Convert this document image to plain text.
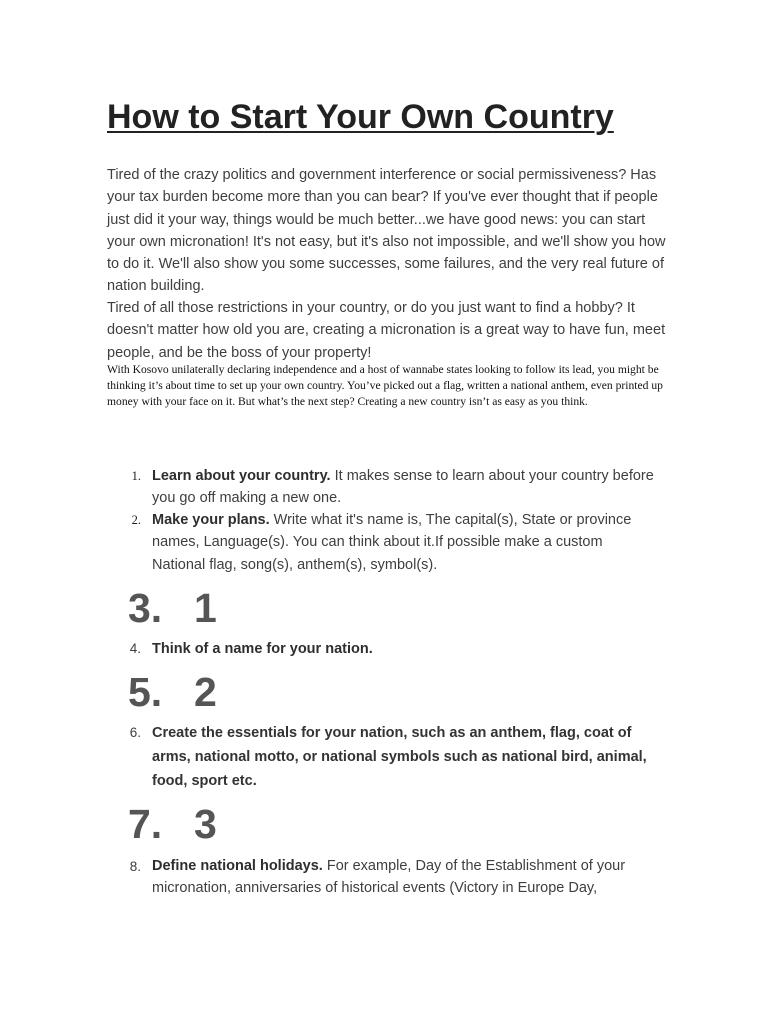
How to Start Your Own Country

Tired of the crazy politics and government interference or social permissiveness? Has your tax burden become more than you can bear? If you've ever thought that if people just did it your way, things would be much better...we have good news: you can start your own micronation! It's not easy, but it's also not impossible, and we'll show you how to do it. We'll also show you some successes, some failures, and the very real future of nation building.

Tired of all those restrictions in your country, or do you just want to find a hobby? It doesn't matter how old you are, creating a micronation is a great way to have fun, meet people, and be the boss of your property!

With Kosovo unilaterally declaring independence and a host of wannabe states looking to follow its lead, you might be thinking it’s about time to set up your own country. You’ve picked out a flag, written a national anthem, even printed up money with your face on it. But what’s the next step? Creating a new country isn’t as easy as you think.

1. Learn about your country. It makes sense to learn about your country before you go off making a new one.

2. Make your plans. Write what it's name is, The capital(s), State or province names, Language(s). You can think about it.If possible make a custom National flag, song(s), anthem(s), symbol(s).

3. 1
4. Think of a name for your nation.

5. 2
6. Create the essentials for your nation, such as an anthem, flag, coat of arms, national motto, or national symbols such as national bird, animal, food, sport etc.

7. 3
8. Define national holidays. For example, Day of the Establishment of your micronation, anniversaries of historical events (Victory in Europe Day,
